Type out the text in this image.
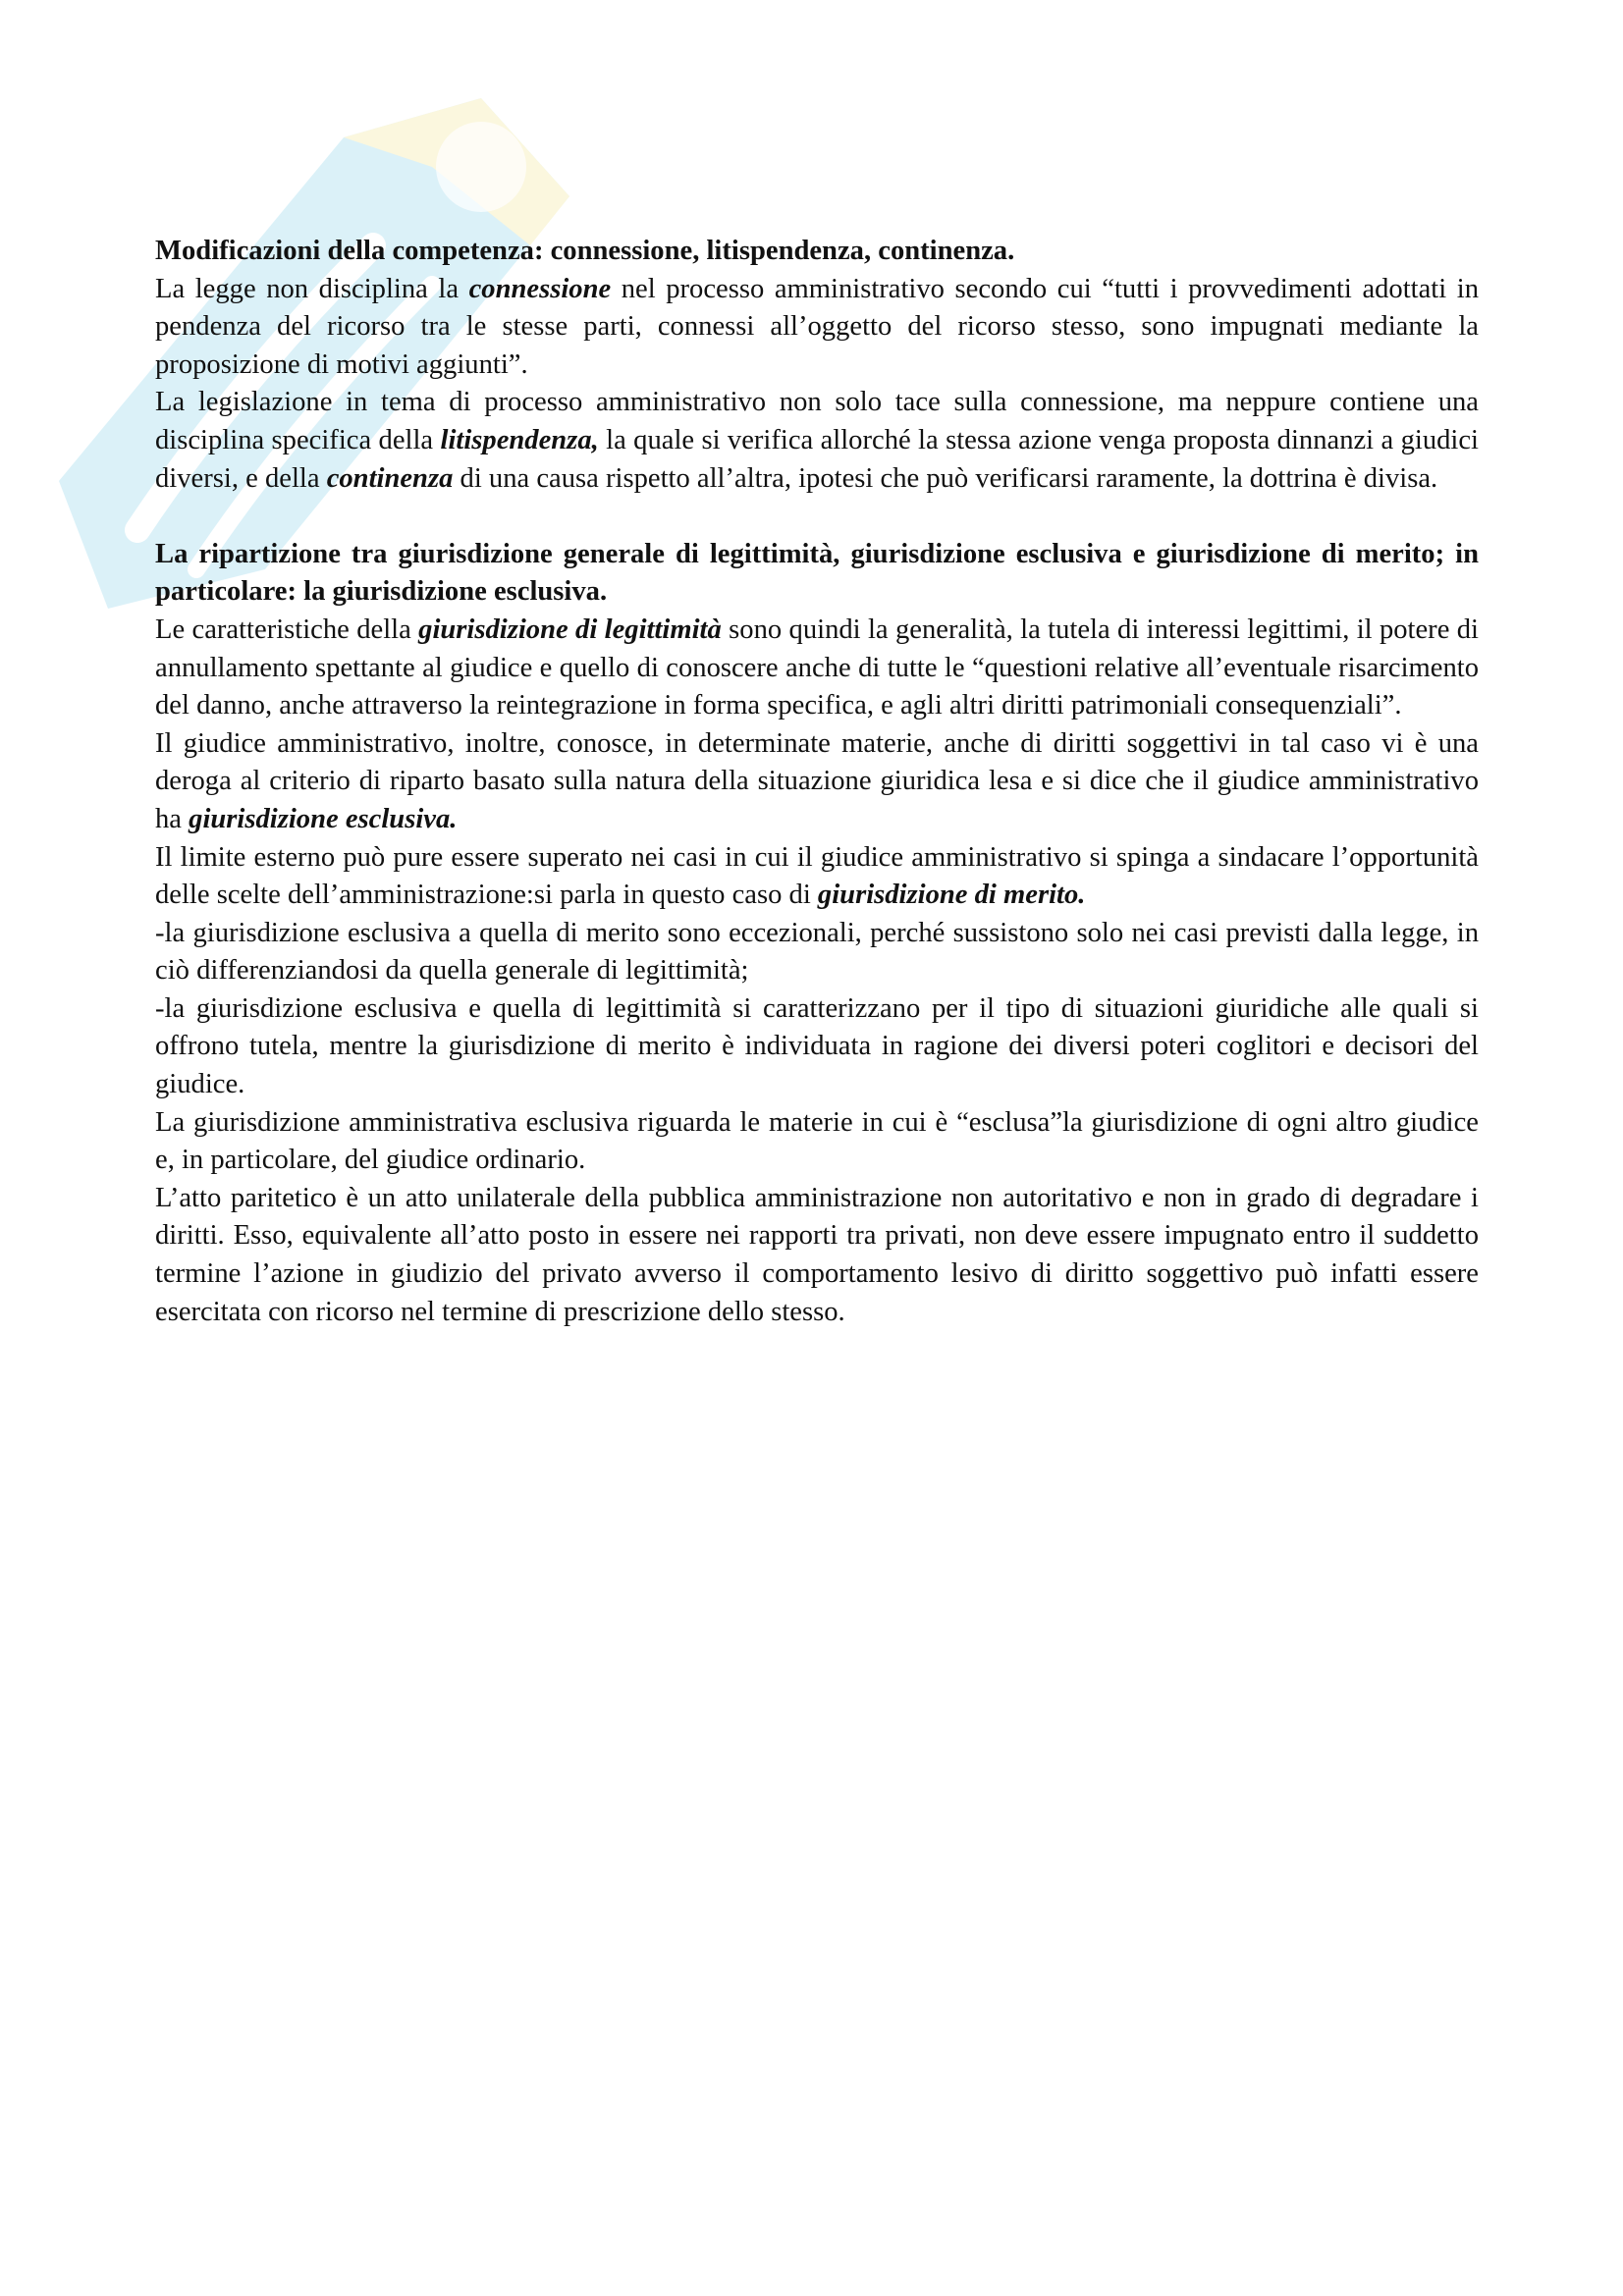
Modificazioni della competenza: connessione, litispendenza, continenza.

La legge non disciplina la connessione nel processo amministrativo secondo cui “tutti i provvedimenti adottati in pendenza del ricorso tra le stesse parti, connessi all’oggetto del ricorso stesso, sono impugnati mediante la proposizione di motivi aggiunti”.

La legislazione in tema di processo amministrativo non solo tace sulla connessione, ma neppure contiene una disciplina specifica della litispendenza, la quale si verifica allorché la stessa azione venga proposta dinnanzi a giudici diversi, e della continenza di una causa rispetto all’altra, ipotesi che può verificarsi raramente, la dottrina è divisa.

La ripartizione tra giurisdizione generale di legittimità, giurisdizione esclusiva e giurisdizione di merito; in particolare: la giurisdizione esclusiva.

Le caratteristiche della giurisdizione di legittimità sono quindi la generalità, la tutela di interessi legittimi, il potere di annullamento spettante al giudice e quello di conoscere anche di tutte le “questioni relative all’eventuale risarcimento del danno, anche attraverso la reintegrazione in forma specifica, e agli altri diritti patrimoniali consequenziali”.

Il giudice amministrativo, inoltre, conosce, in determinate materie, anche di diritti soggettivi in tal caso vi è una deroga al criterio di riparto basato sulla natura della situazione giuridica lesa e si dice che il giudice amministrativo ha giurisdizione esclusiva.

Il limite esterno può pure essere superato nei casi in cui il giudice amministrativo si spinga a sindacare l’opportunità delle scelte dell’amministrazione:si parla in questo caso di giurisdizione di merito.

-la giurisdizione esclusiva a quella di merito sono eccezionali, perché sussistono solo nei casi previsti dalla legge, in ciò differenziandosi da quella generale di legittimità;

-la giurisdizione esclusiva e quella di legittimità si caratterizzano per il tipo di situazioni giuridiche alle quali si offrono tutela, mentre la giurisdizione di merito è individuata in ragione dei diversi poteri coglitori e decisori del giudice.

La giurisdizione amministrativa esclusiva riguarda le materie in cui è “esclusa”la giurisdizione di ogni altro giudice e, in particolare, del giudice ordinario.

L’atto paritetico è un atto unilaterale della pubblica amministrazione non autoritativo e non in grado di degradare i diritti. Esso, equivalente all’atto posto in essere nei rapporti tra privati, non deve essere impugnato entro il suddetto termine l’azione in giudizio del privato avverso il comportamento lesivo di diritto soggettivo può infatti essere esercitata con ricorso nel termine di prescrizione dello stesso.
